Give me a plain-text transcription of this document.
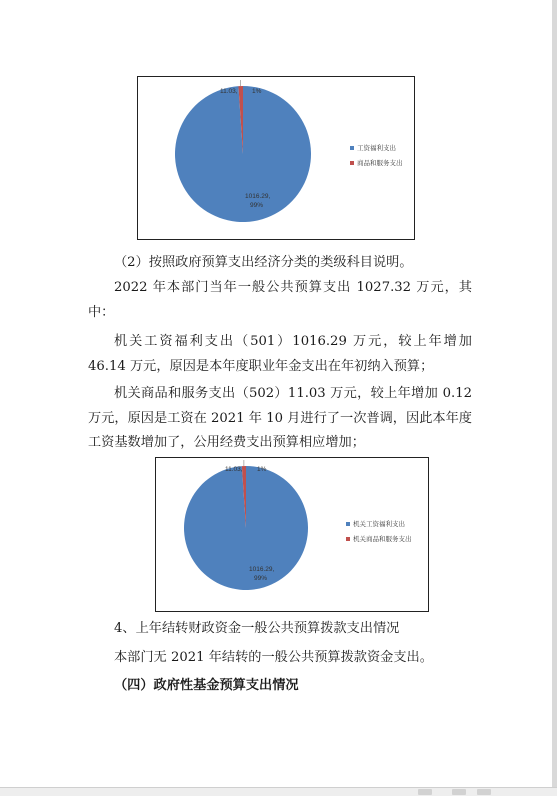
11.03, 1%
1016.29,
99%
工资福利支出
商品和服务支出

（2）按照政府预算支出经济分类的类级科目说明。

2022 年本部门当年一般公共预算支出 1027.32 万元，其中：

机关工资福利支出（501）1016.29 万元，较上年增加 46.14 万元，原因是本年度职业年金支出在年初纳入预算；

机关商品和服务支出（502）11.03 万元，较上年增加 0.12 万元，原因是工资在 2021 年 10 月进行了一次普调，因此本年度工资基数增加了，公用经费支出预算相应增加；

11.03, 1%
1016.29,
99%
机关工资福利支出
机关商品和服务支出

4、上年结转财政资金一般公共预算拨款支出情况

本部门无 2021 年结转的一般公共预算拨款资金支出。

（四）政府性基金预算支出情况
